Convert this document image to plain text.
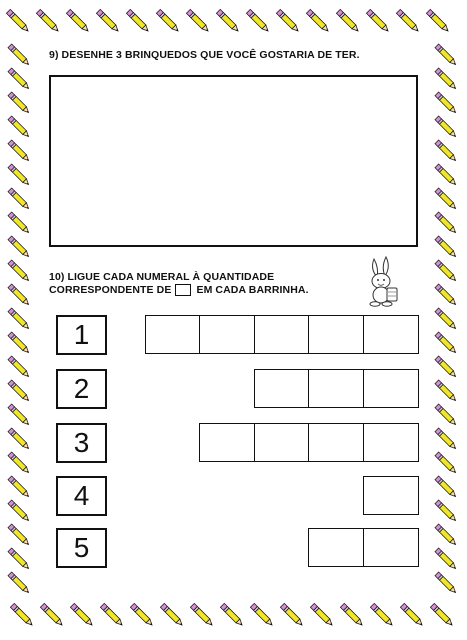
9) DESENHE 3 BRINQUEDOS QUE VOCÊ GOSTARIA DE TER.
10) LIGUE CADA NUMERAL À QUANTIDADE
CORRESPONDENTE DE EM CADA BARRINHA.
1
2
3
4
5
